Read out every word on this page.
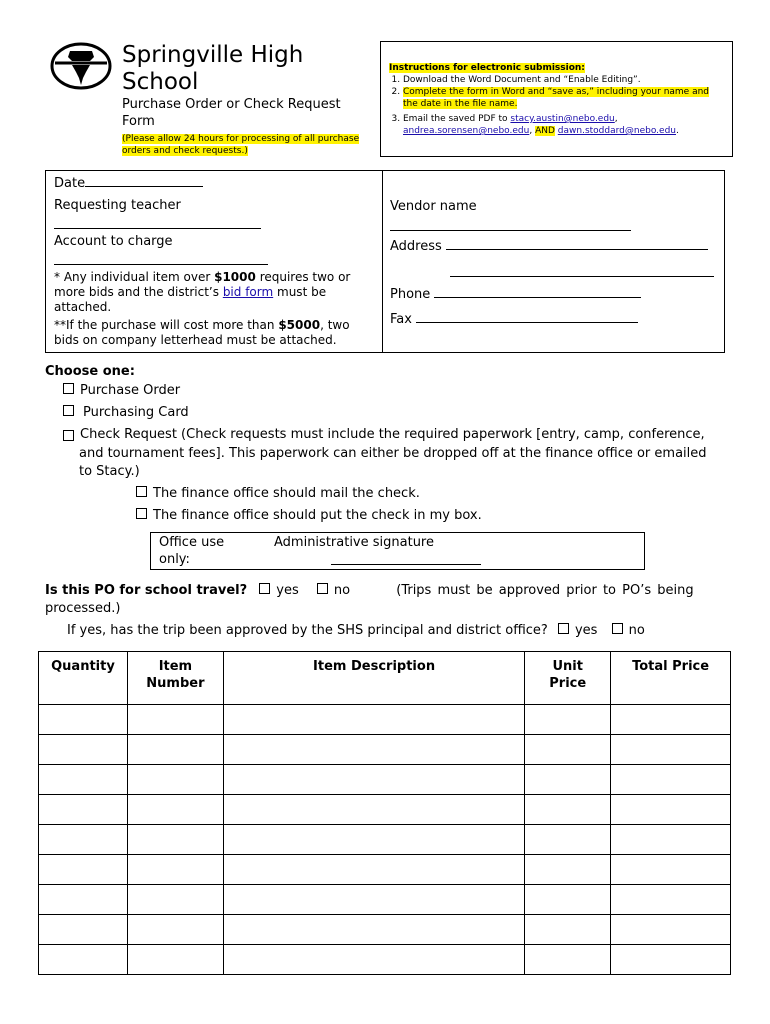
Springville High School
Purchase Order or Check Request Form
(Please allow 24 hours for processing of all purchase orders and check requests.)
Instructions for electronic submission:
1. Download the Word Document and “Enable Editing”.
2. Complete the form in Word and “save as,” including your name and the date in the file name.
3. Email the saved PDF to stacy.austin@nebo.edu, andrea.sorensen@nebo.edu, AND dawn.stoddard@nebo.edu.
Date
Requesting teacher
Account to charge
* Any individual item over $1000 requires two or more bids and the district’s bid form must be attached.
**If the purchase will cost more than $5000, two bids on company letterhead must be attached.
Vendor name
Address
Phone
Fax
Choose one:
Purchase Order
Purchasing Card
Check Request (Check requests must include the required paperwork [entry, camp, conference, and tournament fees]. This paperwork can either be dropped off at the finance office or emailed to Stacy.)
The finance office should mail the check.
The finance office should put the check in my box.
Office use only:
Administrative signature
Is this PO for school travel? yes	no	(Trips must be approved prior to PO’s being processed.)
If yes, has the trip been approved by the SHS principal and district office? yes no
Quantity	Item Number	Item Description	Unit Price	Total Price
